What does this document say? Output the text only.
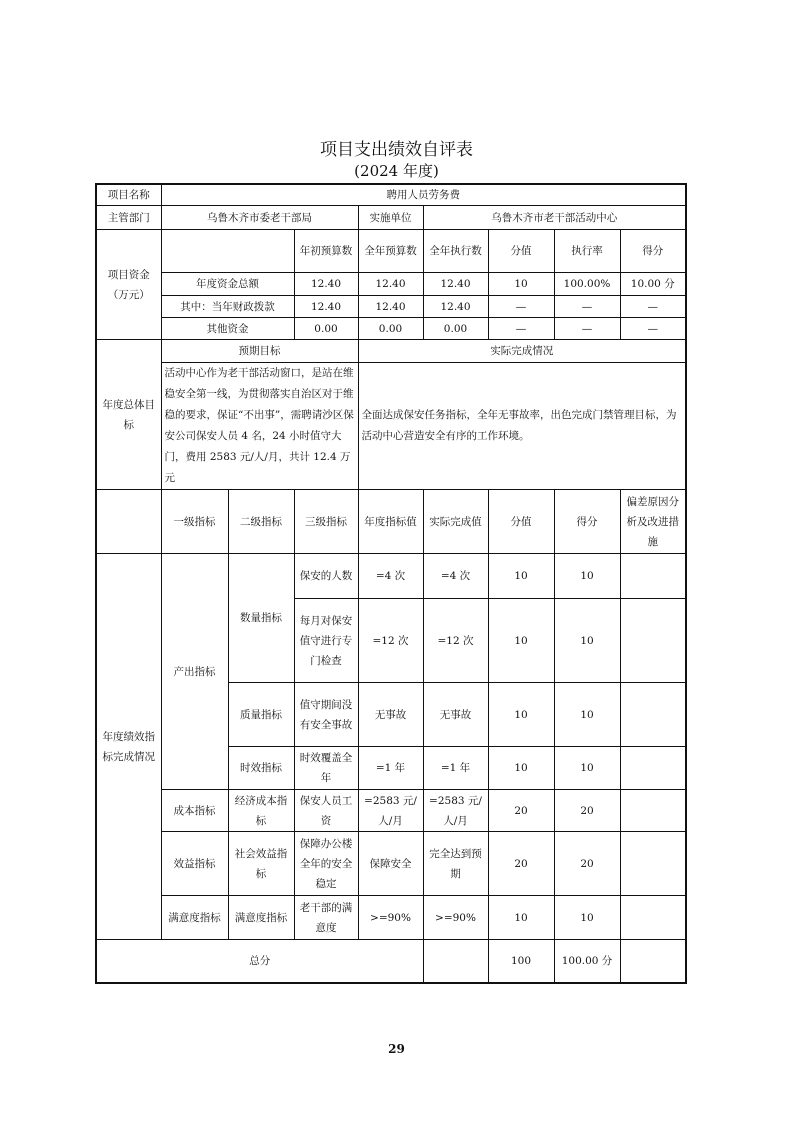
项目支出绩效自评表
(2024 年度)
项目名称	聘用人员劳务费							
主管部门	乌鲁木齐市委老干部局			实施单位	乌鲁木齐市老干部活动中心			
项目资金（万元）			年初预算数	全年预算数	全年执行数	分值	执行率	得分
	年度资金总额		12.40	12.40	12.40	10	100.00%	10.00 分
	其中：当年财政拨款		12.40	12.40	12.40	—	—	—
	其他资金		0.00	0.00	0.00	—	—	—
年度总体目标	预期目标			实际完成情况				
	活动中心作为老干部活动窗口，是站在维稳安全第一线，为贯彻落实自治区对于维稳的要求，保证“不出事”，需聘请沙区保安公司保安人员 4 名，24 小时值守大门，费用 2583 元/人/月，共计 12.4 万元			全面达成保安任务指标，全年无事故率，出色完成门禁管理目标，为活动中心营造安全有序的工作环境。				
	一级指标	二级指标	三级指标	年度指标值	实际完成值	分值	得分	偏差原因分析及改进措施
年度绩效指标完成情况	产出指标	数量指标	保安的人数	=4 次	=4 次	10	10	
			每月对保安值守进行专门检查	=12 次	=12 次	10	10	
		质量指标	值守期间没有安全事故	无事故	无事故	10	10	
		时效指标	时效覆盖全年	=1 年	=1 年	10	10	
	成本指标	经济成本指标	保安人员工资	=2583 元/人/月	=2583 元/人/月	20	20	
	效益指标	社会效益指标	保障办公楼全年的安全稳定	保障安全	完全达到预期	20	20	
	满意度指标	满意度指标	老干部的满意度	>=90%	>=90%	10	10	
总分						100	100.00 分	
29
